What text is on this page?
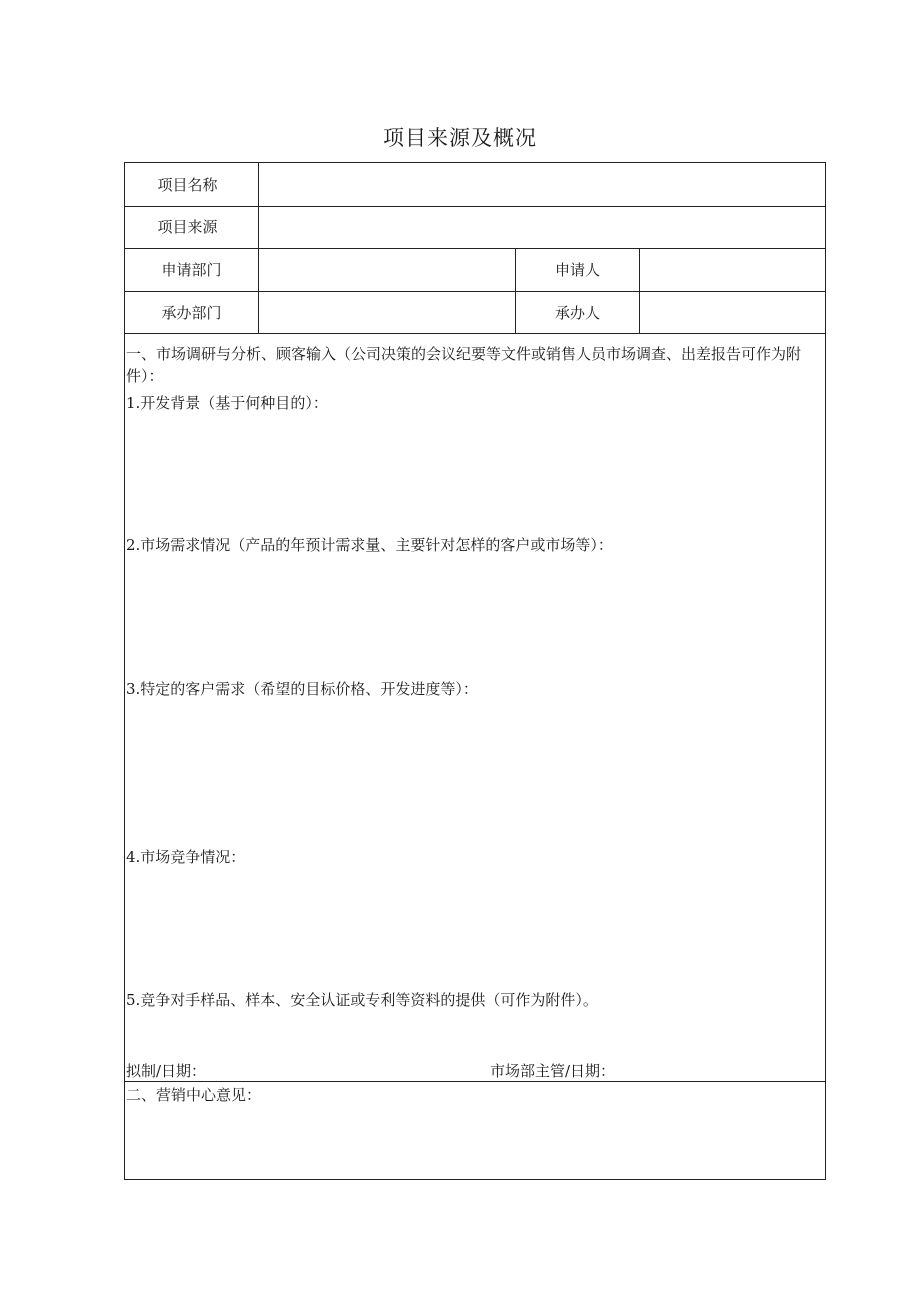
项目来源及概况
项目名称
项目来源
申请部门	申请人
承办部门	承办人
一、市场调研与分析、顾客输入（公司决策的会议纪要等文件或销售人员市场调查、出差报告可作为附件）：
1.开发背景（基于何种目的）：
2.市场需求情况（产品的年预计需求量、主要针对怎样的客户或市场等）：
3.特定的客户需求（希望的目标价格、开发进度等）：
4.市场竞争情况：
5.竞争对手样品、样本、安全认证或专利等资料的提供（可作为附件）。
拟制/日期：	市场部主管/日期：
二、营销中心意见：
